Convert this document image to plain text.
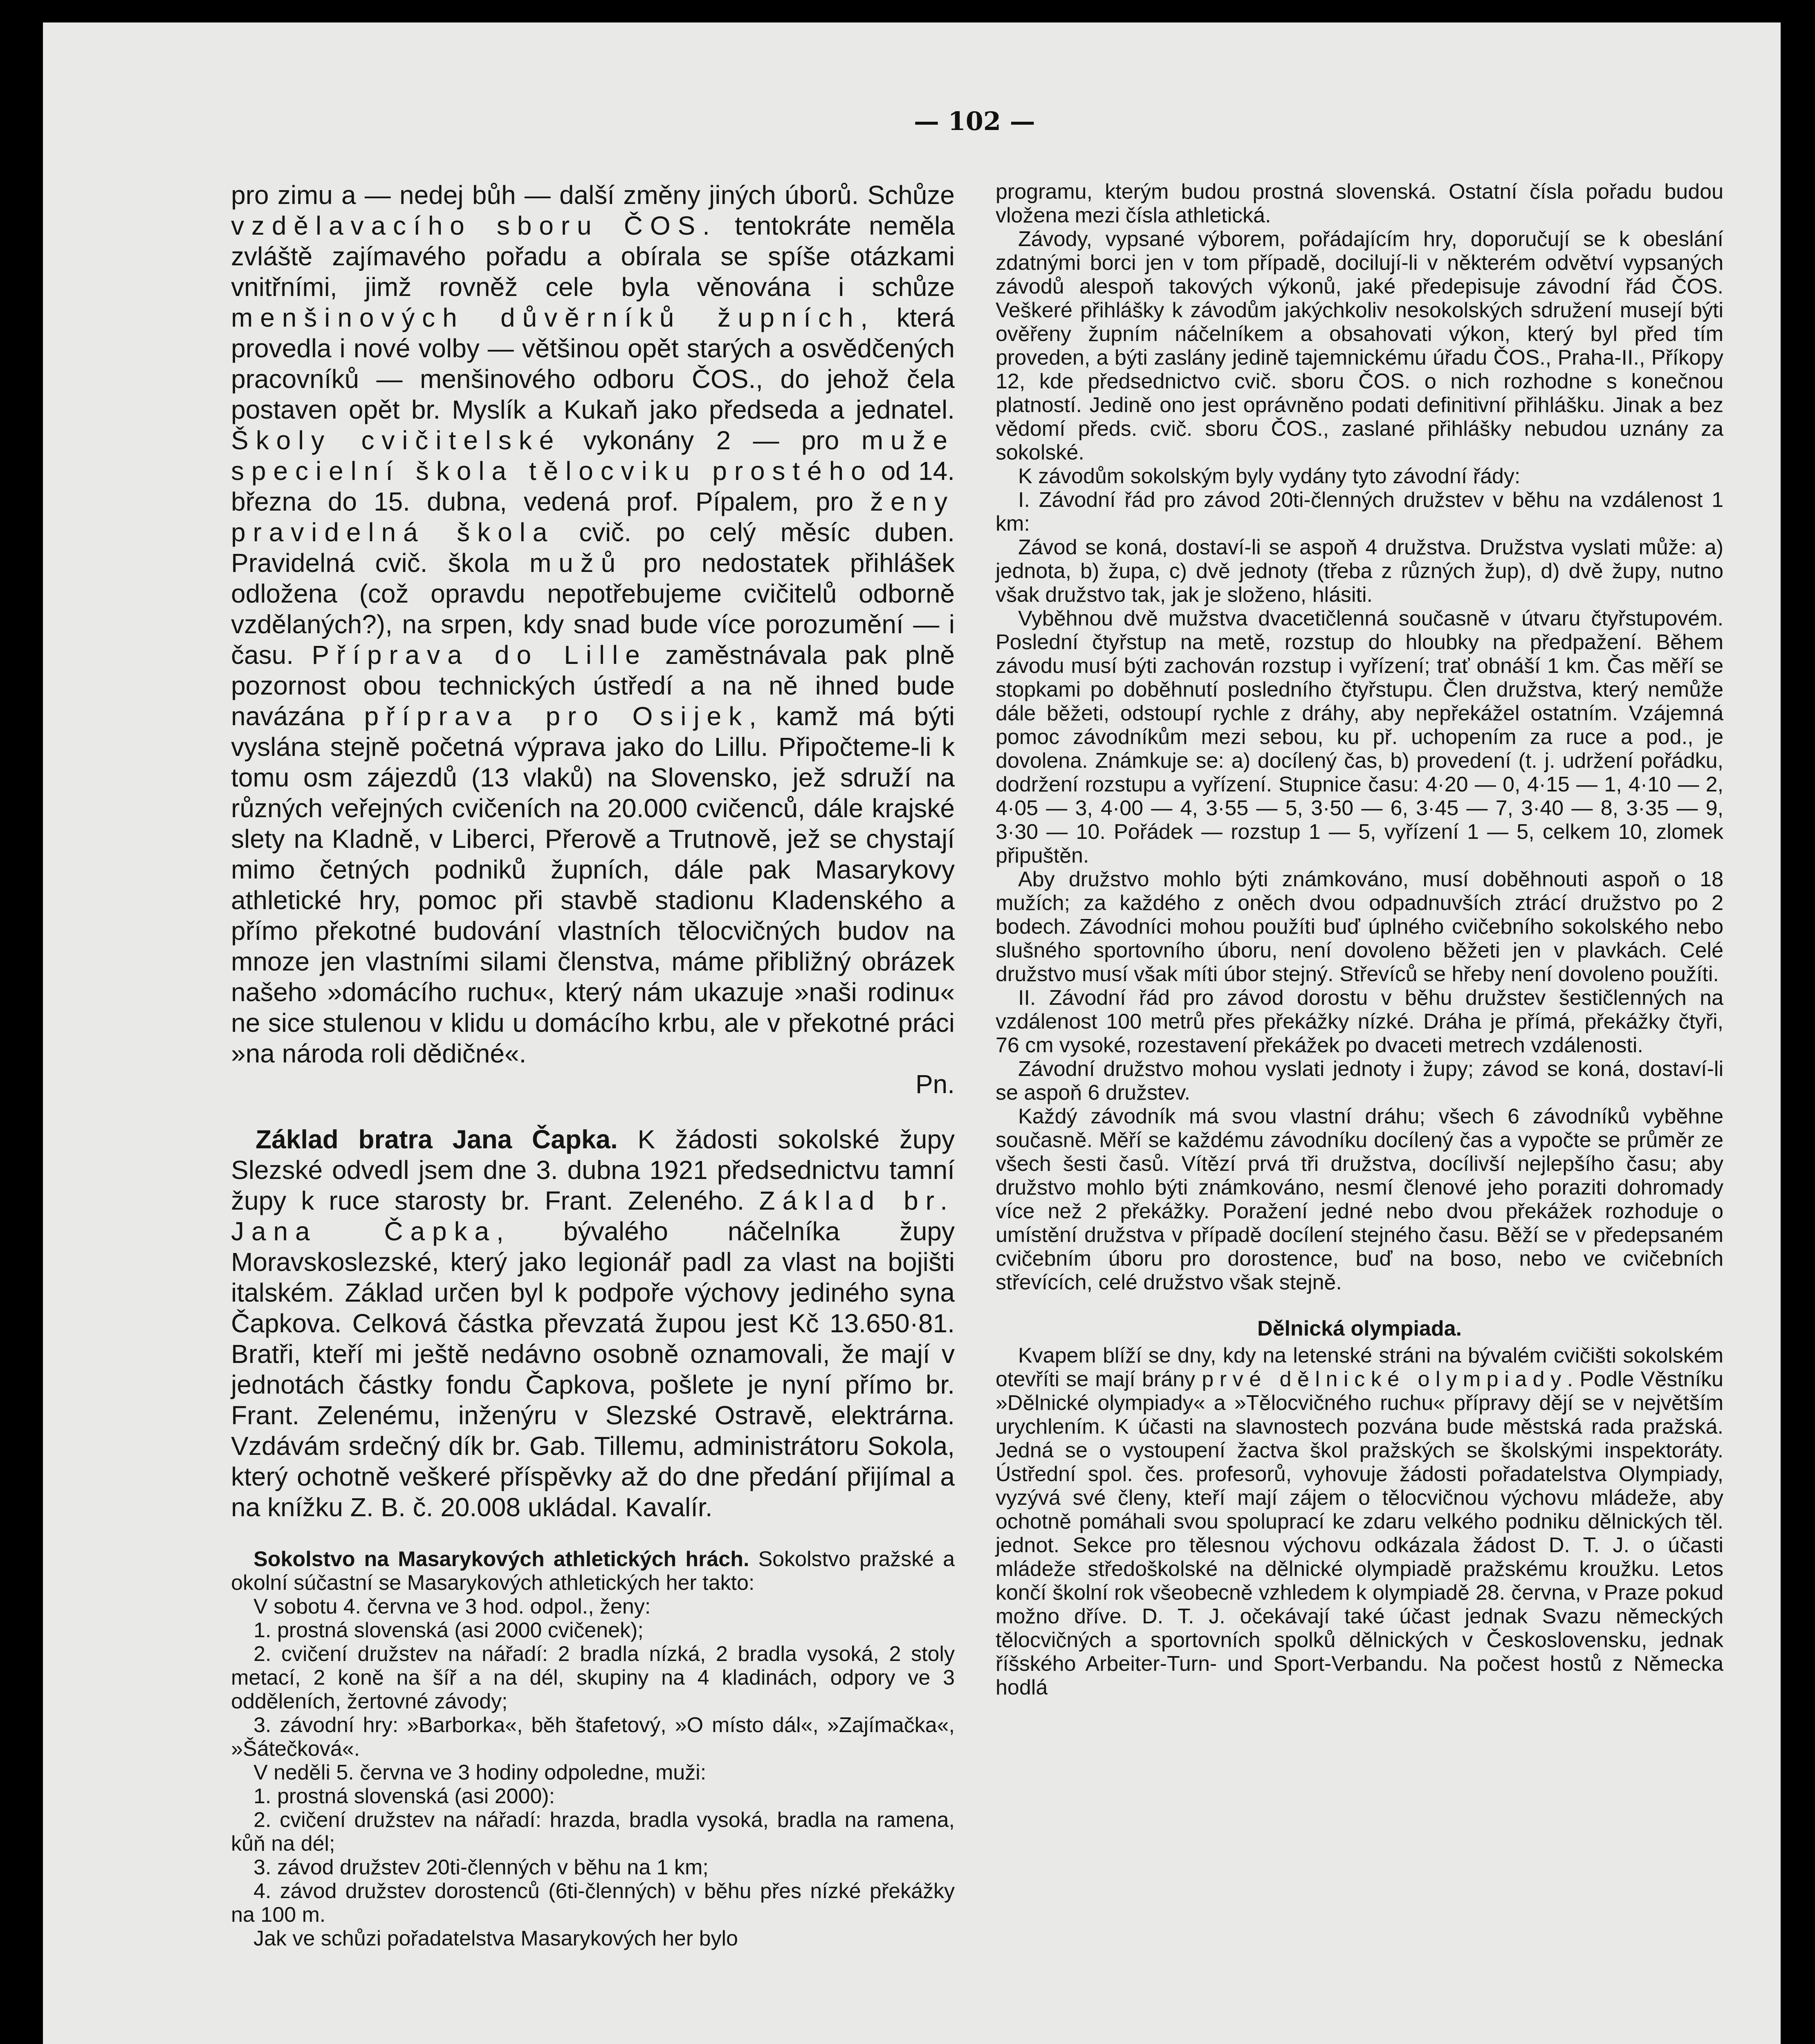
— 102 —

pro zimu a — nedej bůh — další změny jiných úborů. Schůze vzdělavacího sboru ČOS. tentokráte neměla zvláště zajímavého pořadu a obírala se spíše otázkami vnitřními, jimž rovněž cele byla věnována i schůze menšinových důvěrníků župních, která provedla i nové volby — většinou opět starých a osvědčených pracovníků — menšinového odboru ČOS., do jehož čela postaven opět br. Myslík a Kukaň jako předseda a jednatel. Školy cvičitelské vykonány 2 — pro muže specielní škola tělocviku prostého od 14. března do 15. dubna, vedená prof. Pípalem, pro ženy pravidelná škola cvič. po celý měsíc duben. Pravidelná cvič. škola mužů pro nedostatek přihlášek odložena (což opravdu nepotřebujeme cvičitelů odborně vzdělaných?), na srpen, kdy snad bude více porozumění — i času. Příprava do Lille zaměstnávala pak plně pozornost obou technických ústředí a na ně ihned bude navázána příprava pro Osijek, kamž má býti vyslána stejně početná výprava jako do Lillu. Připočteme-li k tomu osm zájezdů (13 vlaků) na Slovensko, jež sdruží na různých veřejných cvičeních na 20.000 cvičenců, dále krajské slety na Kladně, v Liberci, Přerově a Trutnově, jež se chystají mimo četných podniků župních, dále pak Masarykovy athletické hry, pomoc při stavbě stadionu Kladenského a přímo překotné budování vlastních tělocvičných budov na mnoze jen vlastními silami členstva, máme přibližný obrázek našeho »domácího ruchu«, který nám ukazuje »naši rodinu« ne sice stulenou v klidu u domácího krbu, ale v překotné práci »na národa roli dědičné«.

Pn.

Základ bratra Jana Čapka. K žádosti sokolské župy Slezské odvedl jsem dne 3. dubna 1921 předsednictvu tamní župy k ruce starosty br. Frant. Zeleného. Základ br. Jana Čapka, bývalého náčelníka župy Moravskoslezské, který jako legionář padl za vlast na bojišti italském. Základ určen byl k podpoře výchovy jediného syna Čapkova. Celková částka převzatá župou jest Kč 13.650·81. Bratři, kteří mi ještě nedávno osobně oznamovali, že mají v jednotách částky fondu Čapkova, pošlete je nyní přímo br. Frant. Zelenému, inženýru v Slezské Ostravě, elektrárna. Vzdávám srdečný dík br. Gab. Tillemu, administrátoru Sokola, který ochotně veškeré příspěvky až do dne předání přijímal a na knížku Z. B. č. 20.008 ukládal. Kavalír.

Sokolstvo na Masarykových athletických hrách. Sokolstvo pražské a okolní súčastní se Masarykových athletických her takto:

V sobotu 4. června ve 3 hod. odpol., ženy:

1. prostná slovenská (asi 2000 cvičenek);

2. cvičení družstev na nářadí: 2 bradla nízká, 2 bradla vysoká, 2 stoly metací, 2 koně na šíř a na dél, skupiny na 4 kladinách, odpory ve 3 odděleních, žertovné závody;

3. závodní hry: »Barborka«, běh štafetový, »O místo dál«, »Zajímačka«, »Šátečková«.

V neděli 5. června ve 3 hodiny odpoledne, muži:

1. prostná slovenská (asi 2000):

2. cvičení družstev na nářadí: hrazda, bradla vysoká, bradla na ramena, kůň na dél;

3. závod družstev 20ti-členných v běhu na 1 km;

4. závod družstev dorostenců (6ti-členných) v běhu přes nízké překážky na 100 m.

Jak ve schůzi pořadatelstva Masarykových her bylo

programu, kterým budou prostná slovenská. Ostatní čísla pořadu budou vložena mezi čísla athletická.

Závody, vypsané výborem, pořádajícím hry, doporučují se k obeslání zdatnými borci jen v tom případě, docilují-li v některém odvětví vypsaných závodů alespoň takových výkonů, jaké předepisuje závodní řád ČOS. Veškeré přihlášky k závodům jakýchkoliv nesokolských sdružení musejí býti ověřeny župním náčelníkem a obsahovati výkon, který byl před tím proveden, a býti zaslány jedině tajemnickému úřadu ČOS., Praha-II., Příkopy 12, kde předsednictvo cvič. sboru ČOS. o nich rozhodne s konečnou platností. Jedině ono jest oprávněno podati definitivní přihlášku. Jinak a bez vědomí předs. cvič. sboru ČOS., zaslané přihlášky nebudou uznány za sokolské.

K závodům sokolským byly vydány tyto závodní řády:

I. Závodní řád pro závod 20ti-členných družstev v běhu na vzdálenost 1 km:

Závod se koná, dostaví-li se aspoň 4 družstva. Družstva vyslati může: a) jednota, b) župa, c) dvě jednoty (třeba z různých žup), d) dvě župy, nutno však družstvo tak, jak je složeno, hlásiti.

Vyběhnou dvě mužstva dvacetičlenná současně v útvaru čtyřstupovém. Poslední čtyřstup na metě, rozstup do hloubky na předpažení. Během závodu musí býti zachován rozstup i vyřízení; trať obnáší 1 km. Čas měří se stopkami po doběhnutí posledního čtyřstupu. Člen družstva, který nemůže dále běžeti, odstoupí rychle z dráhy, aby nepřekážel ostatním. Vzájemná pomoc závodníkům mezi sebou, ku př. uchopením za ruce a pod., je dovolena. Známkuje se: a) docílený čas, b) provedení (t. j. udržení pořádku, dodržení rozstupu a vyřízení. Stupnice času: 4·20 — 0, 4·15 — 1, 4·10 — 2, 4·05 — 3, 4·00 — 4, 3·55 — 5, 3·50 — 6, 3·45 — 7, 3·40 — 8, 3·35 — 9, 3·30 — 10. Pořádek — rozstup 1 — 5, vyřízení 1 — 5, celkem 10, zlomek připuštěn.

Aby družstvo mohlo býti známkováno, musí doběhnouti aspoň o 18 mužích; za každého z oněch dvou odpadnuvších ztrácí družstvo po 2 bodech. Závodníci mohou použíti buď úplného cvičebního sokolského nebo slušného sportovního úboru, není dovoleno běžeti jen v plavkách. Celé družstvo musí však míti úbor stejný. Střevíců se hřeby není dovoleno použíti.

II. Závodní řád pro závod dorostu v běhu družstev šestičlenných na vzdálenost 100 metrů přes překážky nízké. Dráha je přímá, překážky čtyři, 76 cm vysoké, rozestavení překážek po dvaceti metrech vzdálenosti.

Závodní družstvo mohou vyslati jednoty i župy; závod se koná, dostaví-li se aspoň 6 družstev.

Každý závodník má svou vlastní dráhu; všech 6 závodníků vyběhne současně. Měří se každému závodníku docílený čas a vypočte se průměr ze všech šesti časů. Vítězí prvá tři družstva, docílivší nejlepšího času; aby družstvo mohlo býti známkováno, nesmí členové jeho poraziti dohromady více než 2 překážky. Poražení jedné nebo dvou překážek rozhoduje o umístění družstva v případě docílení stejného času. Běží se v předepsaném cvičebním úboru pro dorostence, buď na boso, nebo ve cvičebních střevících, celé družstvo však stejně.

Dělnická olympiada.

Kvapem blíží se dny, kdy na letenské stráni na bývalém cvičišti sokolském otevříti se mají brány prvé dělnické olympiady. Podle Věstníku »Dělnické olympiady« a »Tělocvičného ruchu« přípravy dějí se v největším urychlením. K účasti na slavnostech pozvána bude městská rada pražská. Jedná se o vystoupení žactva škol pražských se školskými inspektoráty. Ústřední spol. čes. profesorů, vyhovuje žádosti pořadatelstva Olympiady, vyzývá své členy, kteří mají zájem o tělocvičnou výchovu mládeže, aby ochotně pomáhali svou spoluprací ke zdaru velkého podniku dělnických těl. jednot. Sekce pro tělesnou výchovu odkázala žádost D. T. J. o účasti mládeže středoškolské na dělnické olympiadě pražskému kroužku. Letos končí školní rok všeobecně vzhledem k olympiadě 28. června, v Praze pokud možno dříve. D. T. J. očekávají také účast jednak Svazu německých tělocvičných a sportovních spolků dělnických v Československu, jednak říšského Arbeiter-Turn- und Sport-Verbandu. Na počest hostů z Německa hodlá
